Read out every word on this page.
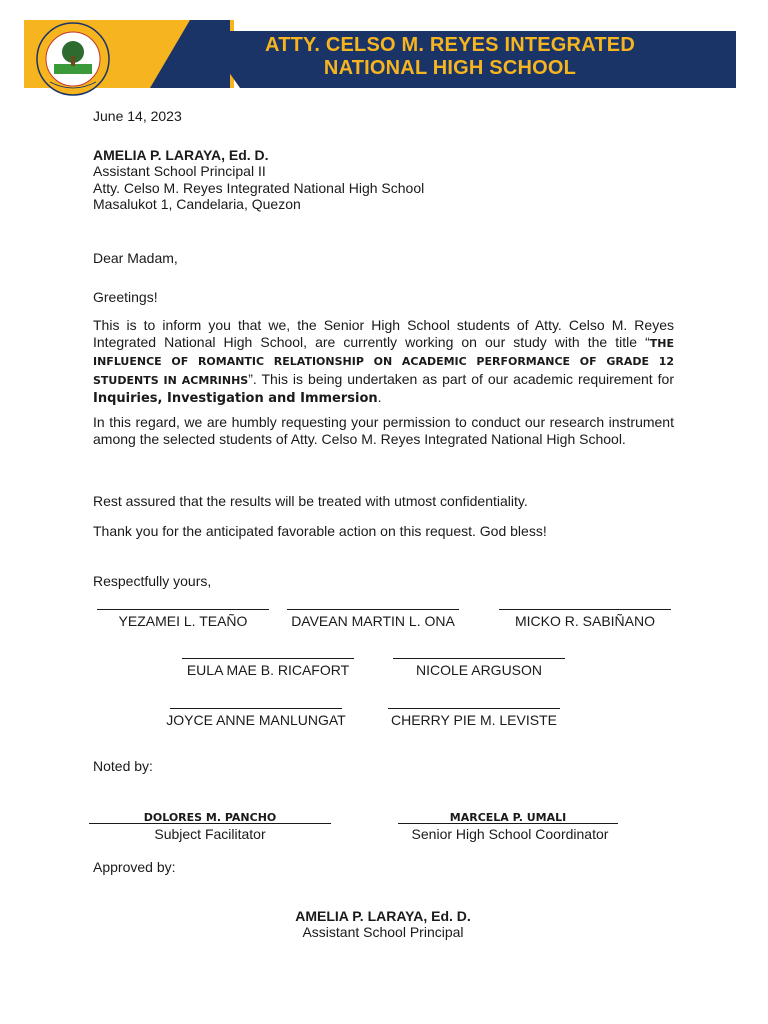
ATTY. CELSO M. REYES INTEGRATED
NATIONAL HIGH SCHOOL
June 14, 2023
AMELIA P. LARAYA, Ed. D.
Assistant School Principal II
Atty. Celso M. Reyes Integrated National High School
Masalukot 1, Candelaria, Quezon
Dear Madam,
Greetings!
This is to inform you that we, the Senior High School students of Atty. Celso M. Reyes Integrated National High School, are currently working on our study with the title “THE INFLUENCE OF ROMANTIC RELATIONSHIP ON ACADEMIC PERFORMANCE OF GRADE 12 STUDENTS IN ACMRINHS”. This is being undertaken as part of our academic requirement for Inquiries, Investigation and Immersion.
In this regard, we are humbly requesting your permission to conduct our research instrument among the selected students of Atty. Celso M. Reyes Integrated National High School.
Rest assured that the results will be treated with utmost confidentiality.
Thank you for the anticipated favorable action on this request. God bless!
Respectfully yours,
YEZAMEI L. TEAÑO	DAVEAN MARTIN L. ONA	MICKO R. SABIÑANO
EULA MAE B. RICAFORT	NICOLE ARGUSON
JOYCE ANNE MANLUNGAT	CHERRY PIE M. LEVISTE
Noted by:
DOLORES M. PANCHO
Subject Facilitator
MARCELA P. UMALI
Senior High School Coordinator
Approved by:
AMELIA P. LARAYA, Ed. D.
Assistant School Principal
